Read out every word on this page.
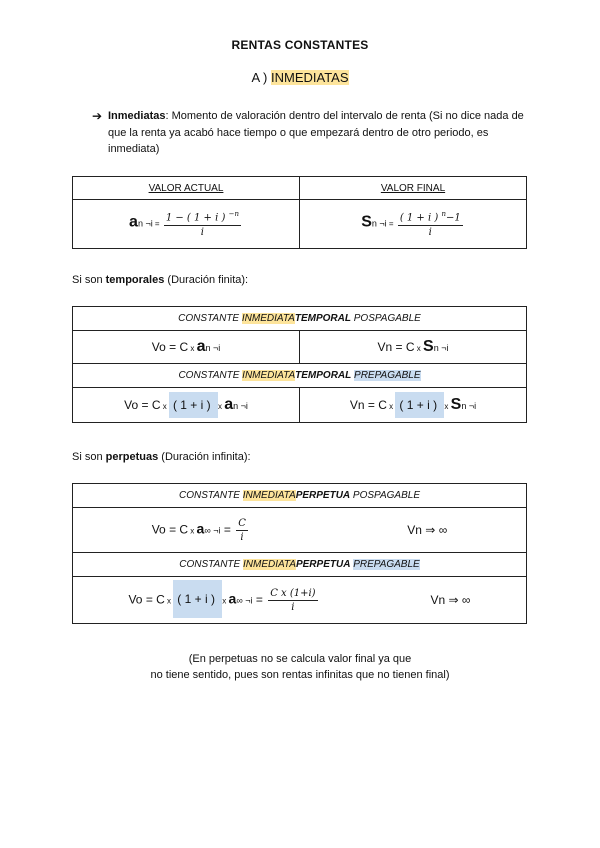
RENTAS CONSTANTES
A ) INMEDIATAS
➔ Inmediatas: Momento de valoración dentro del intervalo de renta (Si no dice nada de que la renta ya acabó hace tiempo o que empezará dentro de otro periodo, es inmediata)
VALOR ACTUAL	VALOR FINAL
an ¬i = $\frac{1 - ( 1 + i ) ^{-n}}{i}$	Sn ¬i = $\frac{( 1 + i ) ^n-1}{i}$
Si son temporales (Duración finita):
CONSTANTE INMEDIATATEMPORAL POSPAGABLE	
Vo = C x an ¬i	Vn = C x Sn ¬i
CONSTANTE INMEDIATATEMPORAL PREPAGABLE	
Vo = C x ( 1 + i ) x an ¬i	Vn = C x ( 1 + i ) x Sn ¬i
Si son perpetuas (Duración infinita):
CONSTANTE INMEDIATAPERPETUA POSPAGABLE

Vo = C x a∞ ¬i = $\frac{C}{i}$	Vn ⇒ ∞

CONSTANTE INMEDIATAPERPETUA PREPAGABLE

Vo = C x ( 1 + i ) x a∞ ¬i = $\frac{\text{C x (1+i)}}{i}$	Vn ⇒ ∞
(En perpetuas no se calcula valor final ya que
no tiene sentido, pues son rentas infinitas que no tienen final)
